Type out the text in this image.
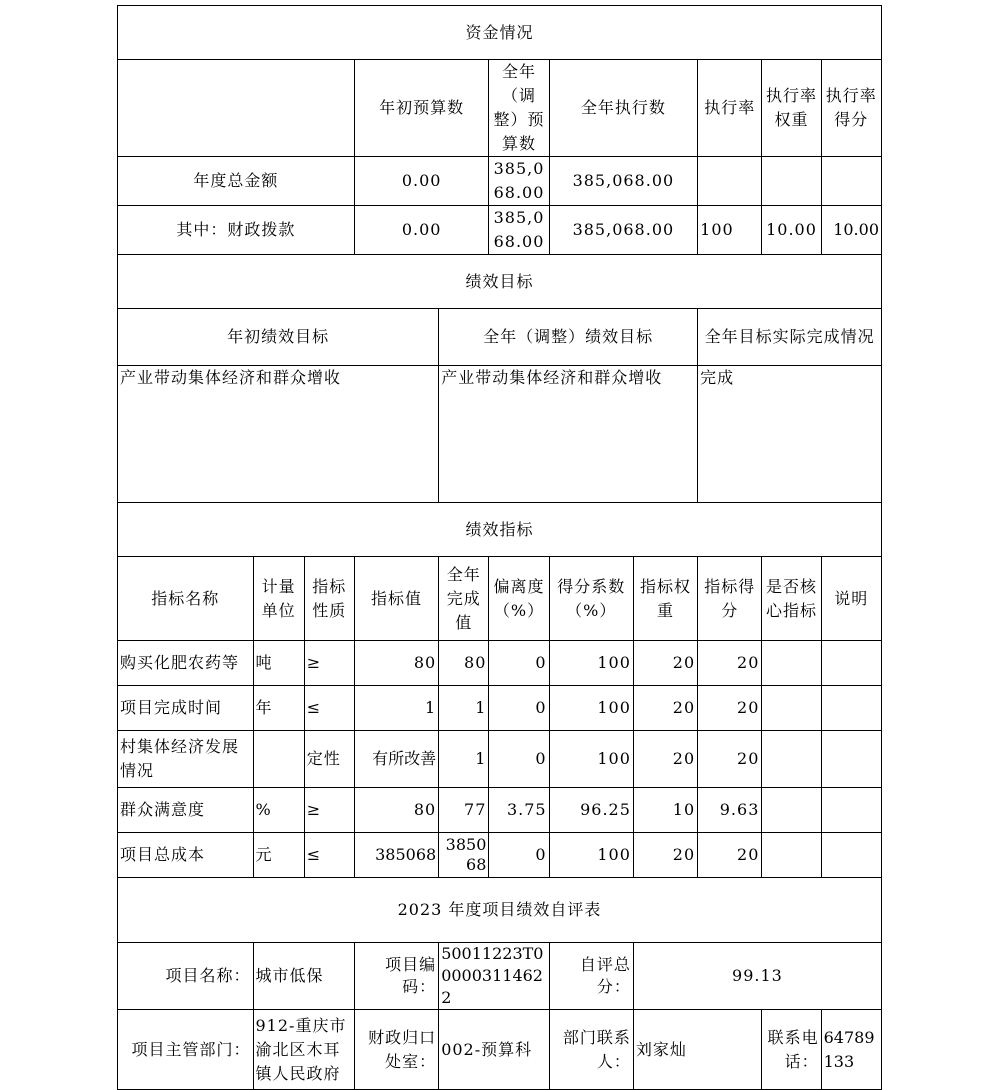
资金情况										
			年初预算数		全年（调整）预算数	全年执行数		执行率	执行率权重	执行率得分
年度总金额			0.00		385,068.00	385,068.00				
其中：财政拨款			0.00		385,068.00	385,068.00		100	10.00	10.00
绩效目标										
年初绩效目标				全年（调整）绩效目标				全年目标实际完成情况		
产业带动集体经济和群众增收				产业带动集体经济和群众增收				完成		
绩效指标										
指标名称	计量单位	指标性质	指标值	全年完成值	偏离度（%）	得分系数（%）	指标权重	指标得分	是否核心指标	说明
购买化肥农药等	吨	≥	80	80	0	100	20	20		
项目完成时间	年	≤	1	1	0	100	20	20		
村集体经济发展情况		定性	有所改善	1	0	100	20	20		
群众满意度	%	≥	80	77	3.75	96.25	10	9.63		
项目总成本	元	≤	385068	385068	0	100	20	20		
2023 年度项目绩效自评表										
项目名称：	城市低保		项目编码：	50011223T000003114622		自评总分：	99.13			
项目主管部门：	912-重庆市渝北区木耳镇人民政府		财政归口处室：	002-预算科		部门联系人：	刘家灿		联系电话：	64789133
